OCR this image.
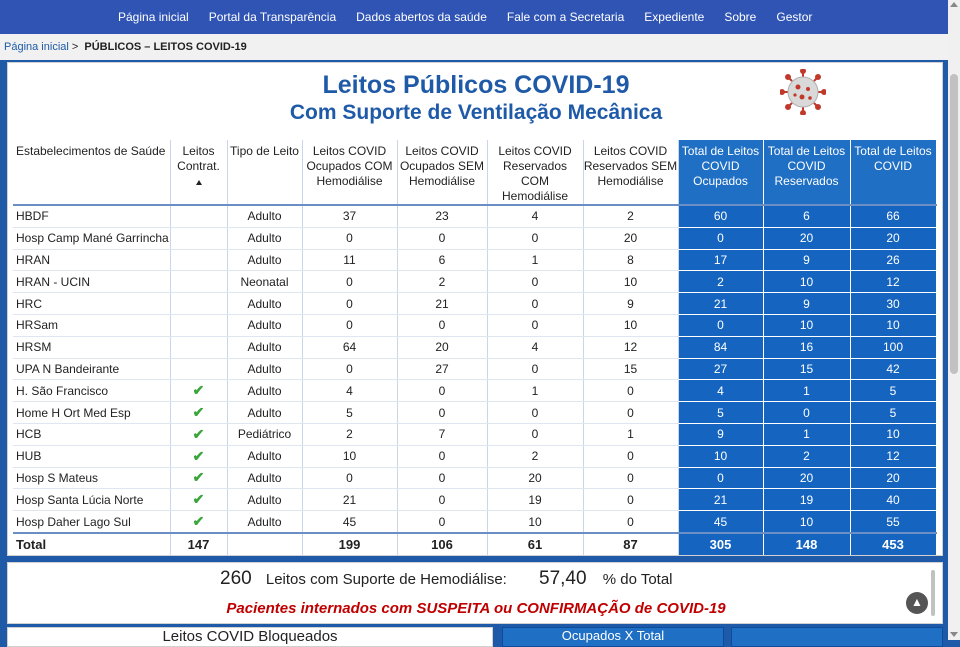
Página inicial Portal da Transparência Dados abertos da saúde Fale com a Secretaria Expediente Sobre Gestor
Página inicial > PÚBLICOS – LEITOS COVID-19
Leitos Públicos COVID-19
Com Suporte de Ventilação Mecânica
Estabelecimentos de Saúde	Leitos Contrat.	Tipo de Leito	Leitos COVID Ocupados COM Hemodiálise	Leitos COVID Ocupados SEM Hemodiálise	Leitos COVID Reservados COM Hemodiálise	Leitos COVID Reservados SEM Hemodiálise	Total de Leitos COVID Ocupados	Total de Leitos COVID Reservados	Total de Leitos COVID
HBDF		Adulto	37	23	4	2	60	6	66
Hosp Camp Mané Garrincha		Adulto	0	0	0	20	0	20	20
HRAN		Adulto	11	6	1	8	17	9	26
HRAN - UCIN		Neonatal	0	2	0	10	2	10	12
HRC		Adulto	0	21	0	9	21	9	30
HRSam		Adulto	0	0	0	10	0	10	10
HRSM		Adulto	64	20	4	12	84	16	100
UPA N Bandeirante		Adulto	0	27	0	15	27	15	42
H. São Francisco	✔	Adulto	4	0	1	0	4	1	5
Home H Ort Med Esp	✔	Adulto	5	0	0	0	5	0	5
HCB	✔	Pediátrico	2	7	0	1	9	1	10
HUB	✔	Adulto	10	0	2	0	10	2	12
Hosp S Mateus	✔	Adulto	0	0	20	0	0	20	20
Hosp Santa Lúcia Norte	✔	Adulto	21	0	19	0	21	19	40
Hosp Daher Lago Sul	✔	Adulto	45	0	10	0	45	10	55
Total	147		199	106	61	87	305	148	453
260 Leitos com Suporte de Hemodiálise: 57,40 % do Total
Pacientes internados com SUSPEITA ou CONFIRMAÇÃO de COVID-19	▲
Leitos COVID Bloqueados	Ocupados X Total
